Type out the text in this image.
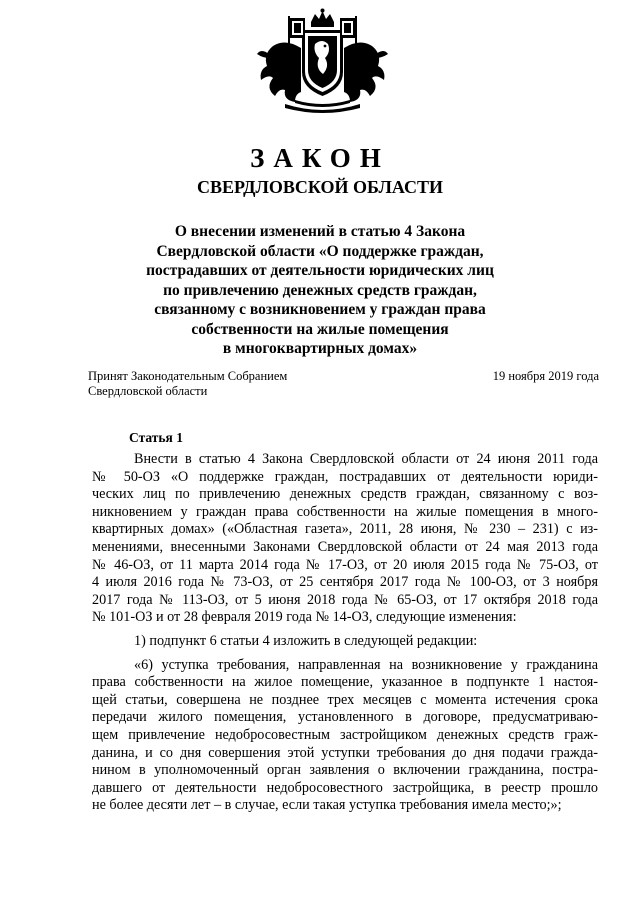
ЗАКОН
СВЕРДЛОВСКОЙ ОБЛАСТИ
О внесении изменений в статью 4 Закона
Свердловской области «О поддержке граждан,
пострадавших от деятельности юридических лиц
по привлечению денежных средств граждан,
связанному с возникновением у граждан права
собственности на жилые помещения
в многоквартирных домах»
Принят Законодательным Собранием
Свердловской области
19 ноября 2019 года
Статья 1
Внести в статью 4 Закона Свердловской области от 24 июня 2011 года
№ 50-ОЗ «О поддержке граждан, пострадавших от деятельности юриди-
ческих лиц по привлечению денежных средств граждан, связанному с воз-
никновением у граждан права собственности на жилые помещения в много-
квартирных домах» («Областная газета», 2011, 28 июня, № 230 – 231) с из-
менениями, внесенными Законами Свердловской области от 24 мая 2013 года
№ 46-ОЗ, от 11 марта 2014 года № 17-ОЗ, от 20 июля 2015 года № 75-ОЗ, от
4 июля 2016 года № 73-ОЗ, от 25 сентября 2017 года № 100-ОЗ, от 3 ноября
2017 года № 113-ОЗ, от 5 июня 2018 года № 65-ОЗ, от 17 октября 2018 года
№ 101-ОЗ и от 28 февраля 2019 года № 14-ОЗ, следующие изменения:
1) подпункт 6 статьи 4 изложить в следующей редакции:
«6) уступка требования, направленная на возникновение у гражданина
права собственности на жилое помещение, указанное в подпункте 1 настоя-
щей статьи, совершена не позднее трех месяцев с момента истечения срока
передачи жилого помещения, установленного в договоре, предусматриваю-
щем привлечение недобросовестным застройщиком денежных средств граж-
данина, и со дня совершения этой уступки требования до дня подачи гражда-
нином в уполномоченный орган заявления о включении гражданина, постра-
давшего от деятельности недобросовестного застройщика, в реестр прошло
не более десяти лет – в случае, если такая уступка требования имела место;»;
